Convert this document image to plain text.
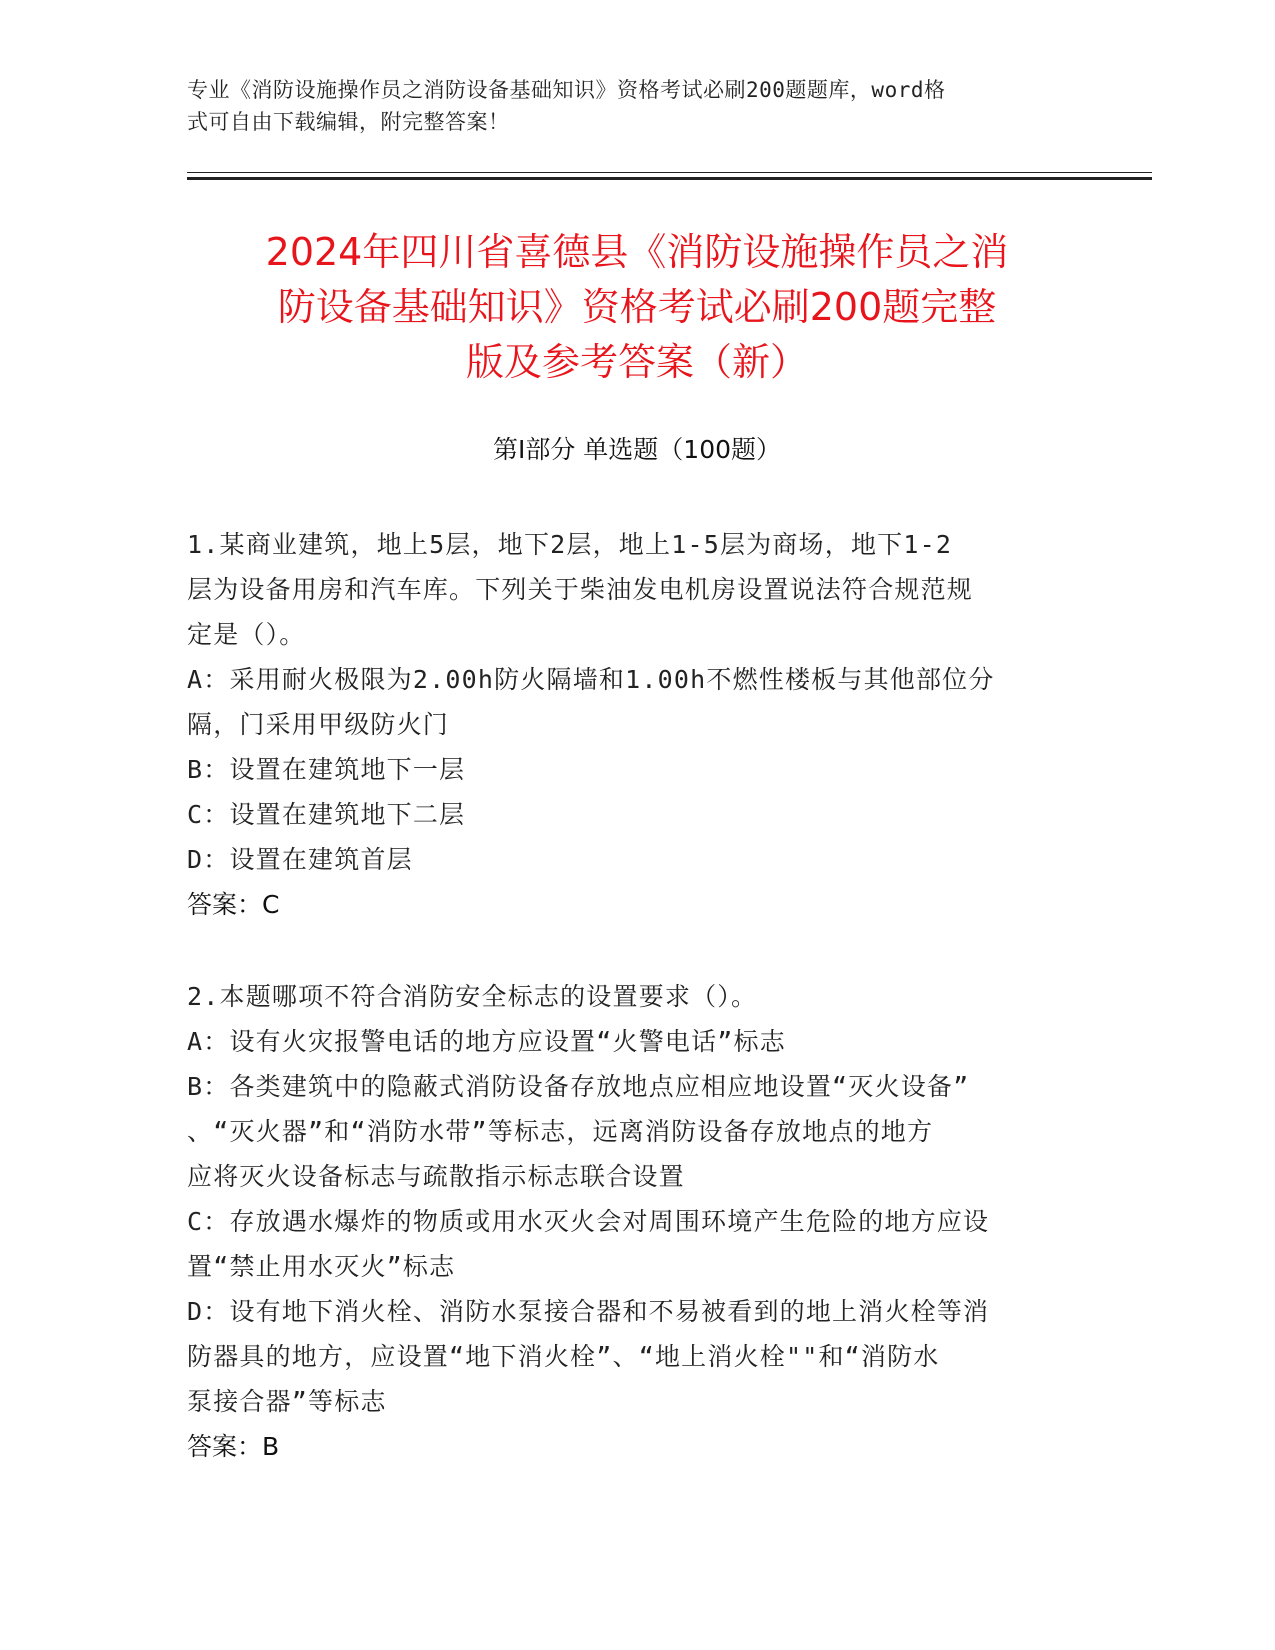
专业《消防设施操作员之消防设备基础知识》资格考试必刷200题题库，word格
式可自由下载编辑，附完整答案！
2024年四川省喜德县《消防设施操作员之消
防设备基础知识》资格考试必刷200题完整
版及参考答案（新）
第Ⅰ部分 单选题（100题）
1.某商业建筑，地上5层，地下2层，地上1-5层为商场，地下1-2
层为设备用房和汽车库。下列关于柴油发电机房设置说法符合规范规
定是（）。
A：采用耐火极限为2.00h防火隔墙和1.00h不燃性楼板与其他部位分
隔，门采用甲级防火门
B：设置在建筑地下一层
C：设置在建筑地下二层
D：设置在建筑首层
答案：C
2.本题哪项不符合消防安全标志的设置要求（）。
A：设有火灾报警电话的地方应设置“火警电话”标志
B：各类建筑中的隐蔽式消防设备存放地点应相应地设置“灭火设备”
、“灭火器”和“消防水带”等标志，远离消防设备存放地点的地方
应将灭火设备标志与疏散指示标志联合设置
C：存放遇水爆炸的物质或用水灭火会对周围环境产生危险的地方应设
置“禁止用水灭火”标志
D：设有地下消火栓、消防水泵接合器和不易被看到的地上消火栓等消
防器具的地方，应设置“地下消火栓”、“地上消火栓""和“消防水
泵接合器”等标志
答案：B
